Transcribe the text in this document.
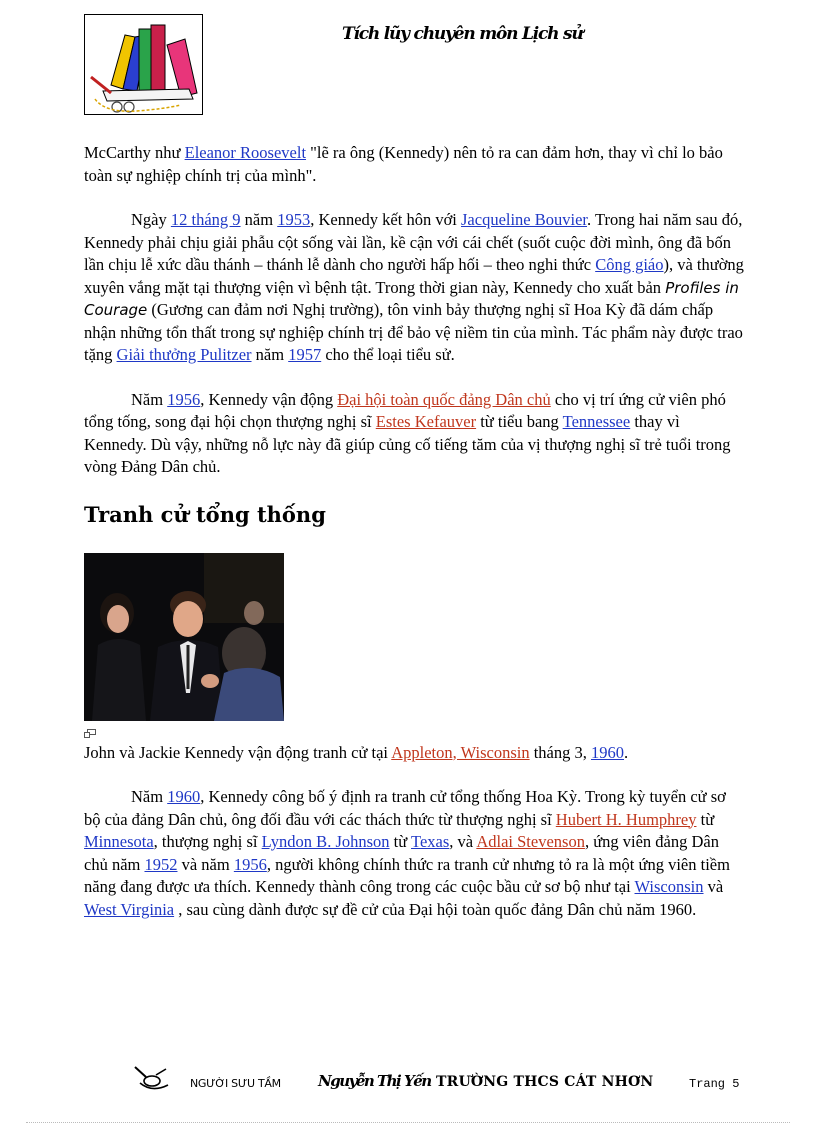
Tích lũy chuyên môn Lịch sử

McCarthy như Eleanor Roosevelt "lẽ ra ông (Kennedy) nên tỏ ra can đảm hơn, thay vì chỉ lo bảo toàn sự nghiệp chính trị của mình".

Ngày 12 tháng 9 năm 1953, Kennedy kết hôn với Jacqueline Bouvier. Trong hai năm sau đó, Kennedy phải chịu giải phẫu cột sống vài lần, kề cận với cái chết (suốt cuộc đời mình, ông đã bốn lần chịu lễ xức dầu thánh – thánh lễ dành cho người hấp hối – theo nghi thức Công giáo), và thường xuyên vắng mặt tại thượng viện vì bệnh tật. Trong thời gian này, Kennedy cho xuất bản Profiles in Courage (Gương can đảm nơi Nghị trường), tôn vinh bảy thượng nghị sĩ Hoa Kỳ đã dám chấp nhận những tổn thất trong sự nghiệp chính trị để bảo vệ niềm tin của mình. Tác phẩm này được trao tặng Giải thưởng Pulitzer năm 1957 cho thể loại tiểu sử.

Năm 1956, Kennedy vận động Đại hội toàn quốc đảng Dân chủ cho vị trí ứng cử viên phó tổng tống, song đại hội chọn thượng nghị sĩ Estes Kefauver từ tiểu bang Tennessee thay vì Kennedy. Dù vậy, những nỗ lực này đã giúp củng cố tiếng tăm của vị thượng nghị sĩ trẻ tuổi trong vòng Đảng Dân chủ.

Tranh cử tổng thống

John và Jackie Kennedy vận động tranh cử tại Appleton, Wisconsin tháng 3, 1960.

Năm 1960, Kennedy công bố ý định ra tranh cử tổng thống Hoa Kỳ. Trong kỳ tuyển cử sơ bộ của đảng Dân chủ, ông đối đầu với các thách thức từ thượng nghị sĩ Hubert H. Humphrey từ Minnesota, thượng nghị sĩ Lyndon B. Johnson từ Texas, và Adlai Stevenson, ứng viên đảng Dân chủ năm 1952 và năm 1956, người không chính thức ra tranh cử nhưng tỏ ra là một ứng viên tiềm năng đang được ưa thích. Kennedy thành công trong các cuộc bầu cử sơ bộ như tại Wisconsin và West Virginia , sau cùng dành được sự đề cử của Đại hội toàn quốc đảng Dân chủ năm 1960.

NGƯỜI SƯU TẦM Nguyễn Thị Yến TRƯỜNG THCS CÁT NHƠN	Trang 5
